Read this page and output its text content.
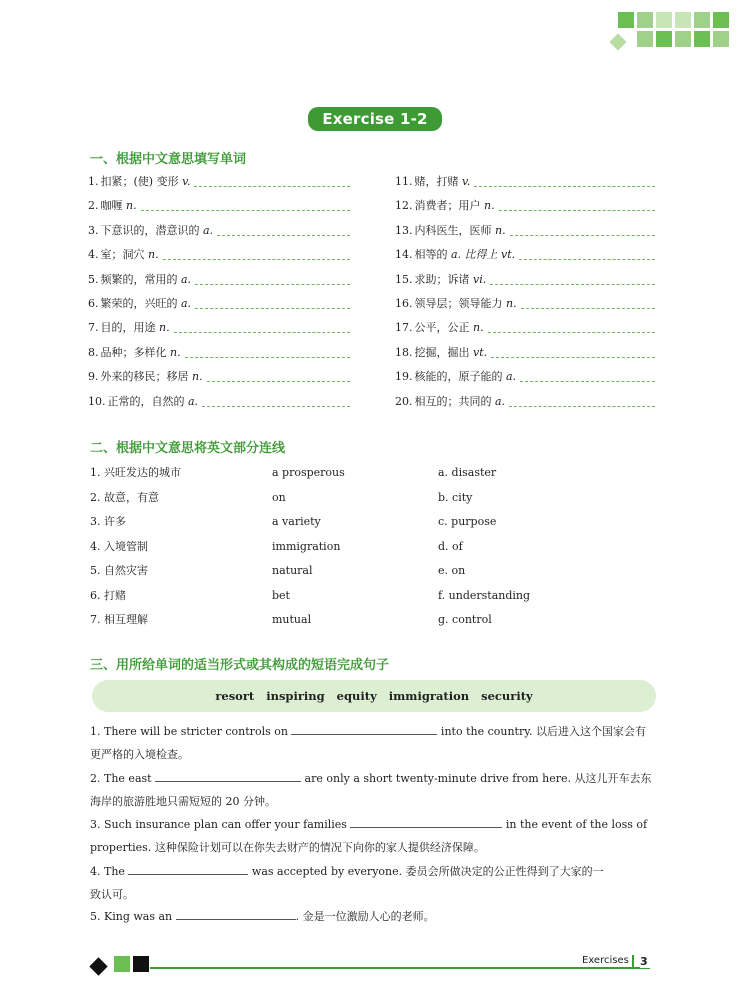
Exercise 1-2
一、根据中文意思填写单词
1. 扣紧；(使) 变形 v.
2. 咖喱 n.
3. 下意识的，潜意识的 a.
4. 室；洞穴 n.
5. 频繁的，常用的 a.
6. 繁荣的，兴旺的 a.
7. 目的，用途 n.
8. 品种；多样化 n.
9. 外来的移民；移居 n.
10. 正常的，自然的 a.
11. 赌，打赌 v.
12. 消费者；用户 n.
13. 内科医生，医师 n.
14. 相等的 a. 比得上 vt.
15. 求助；诉诸 vi.
16. 领导层；领导能力 n.
17. 公平，公正 n.
18. 挖掘，掘出 vt.
19. 核能的，原子能的 a.
20. 相互的；共同的 a.
二、根据中文意思将英文部分连线
1. 兴旺发达的城市	a prosperous	a. disaster
2. 故意，有意	on	b. city
3. 许多	a variety	c. purpose
4. 入境管制	immigration	d. of
5. 自然灾害	natural	e. on
6. 打赌	bet	f. understanding
7. 相互理解	mutual	g. control
三、用所给单词的适当形式或其构成的短语完成句子
resort inspiring equity immigration security
1. There will be stricter controls on	into the country. 以后进入这个国家会有
更严格的入境检查。
2. The east	are only a short twenty-minute drive from here. 从这儿开车去东
海岸的旅游胜地只需短短的 20 分钟。
3. Such insurance plan can offer your families	in the event of the loss of
properties. 这种保险计划可以在你失去财产的情况下向你的家人提供经济保障。
4. The	was accepted by everyone. 委员会所做决定的公正性得到了大家的一
致认可。
5. King was an	. 金是一位激励人心的老师。
Exercises 3
